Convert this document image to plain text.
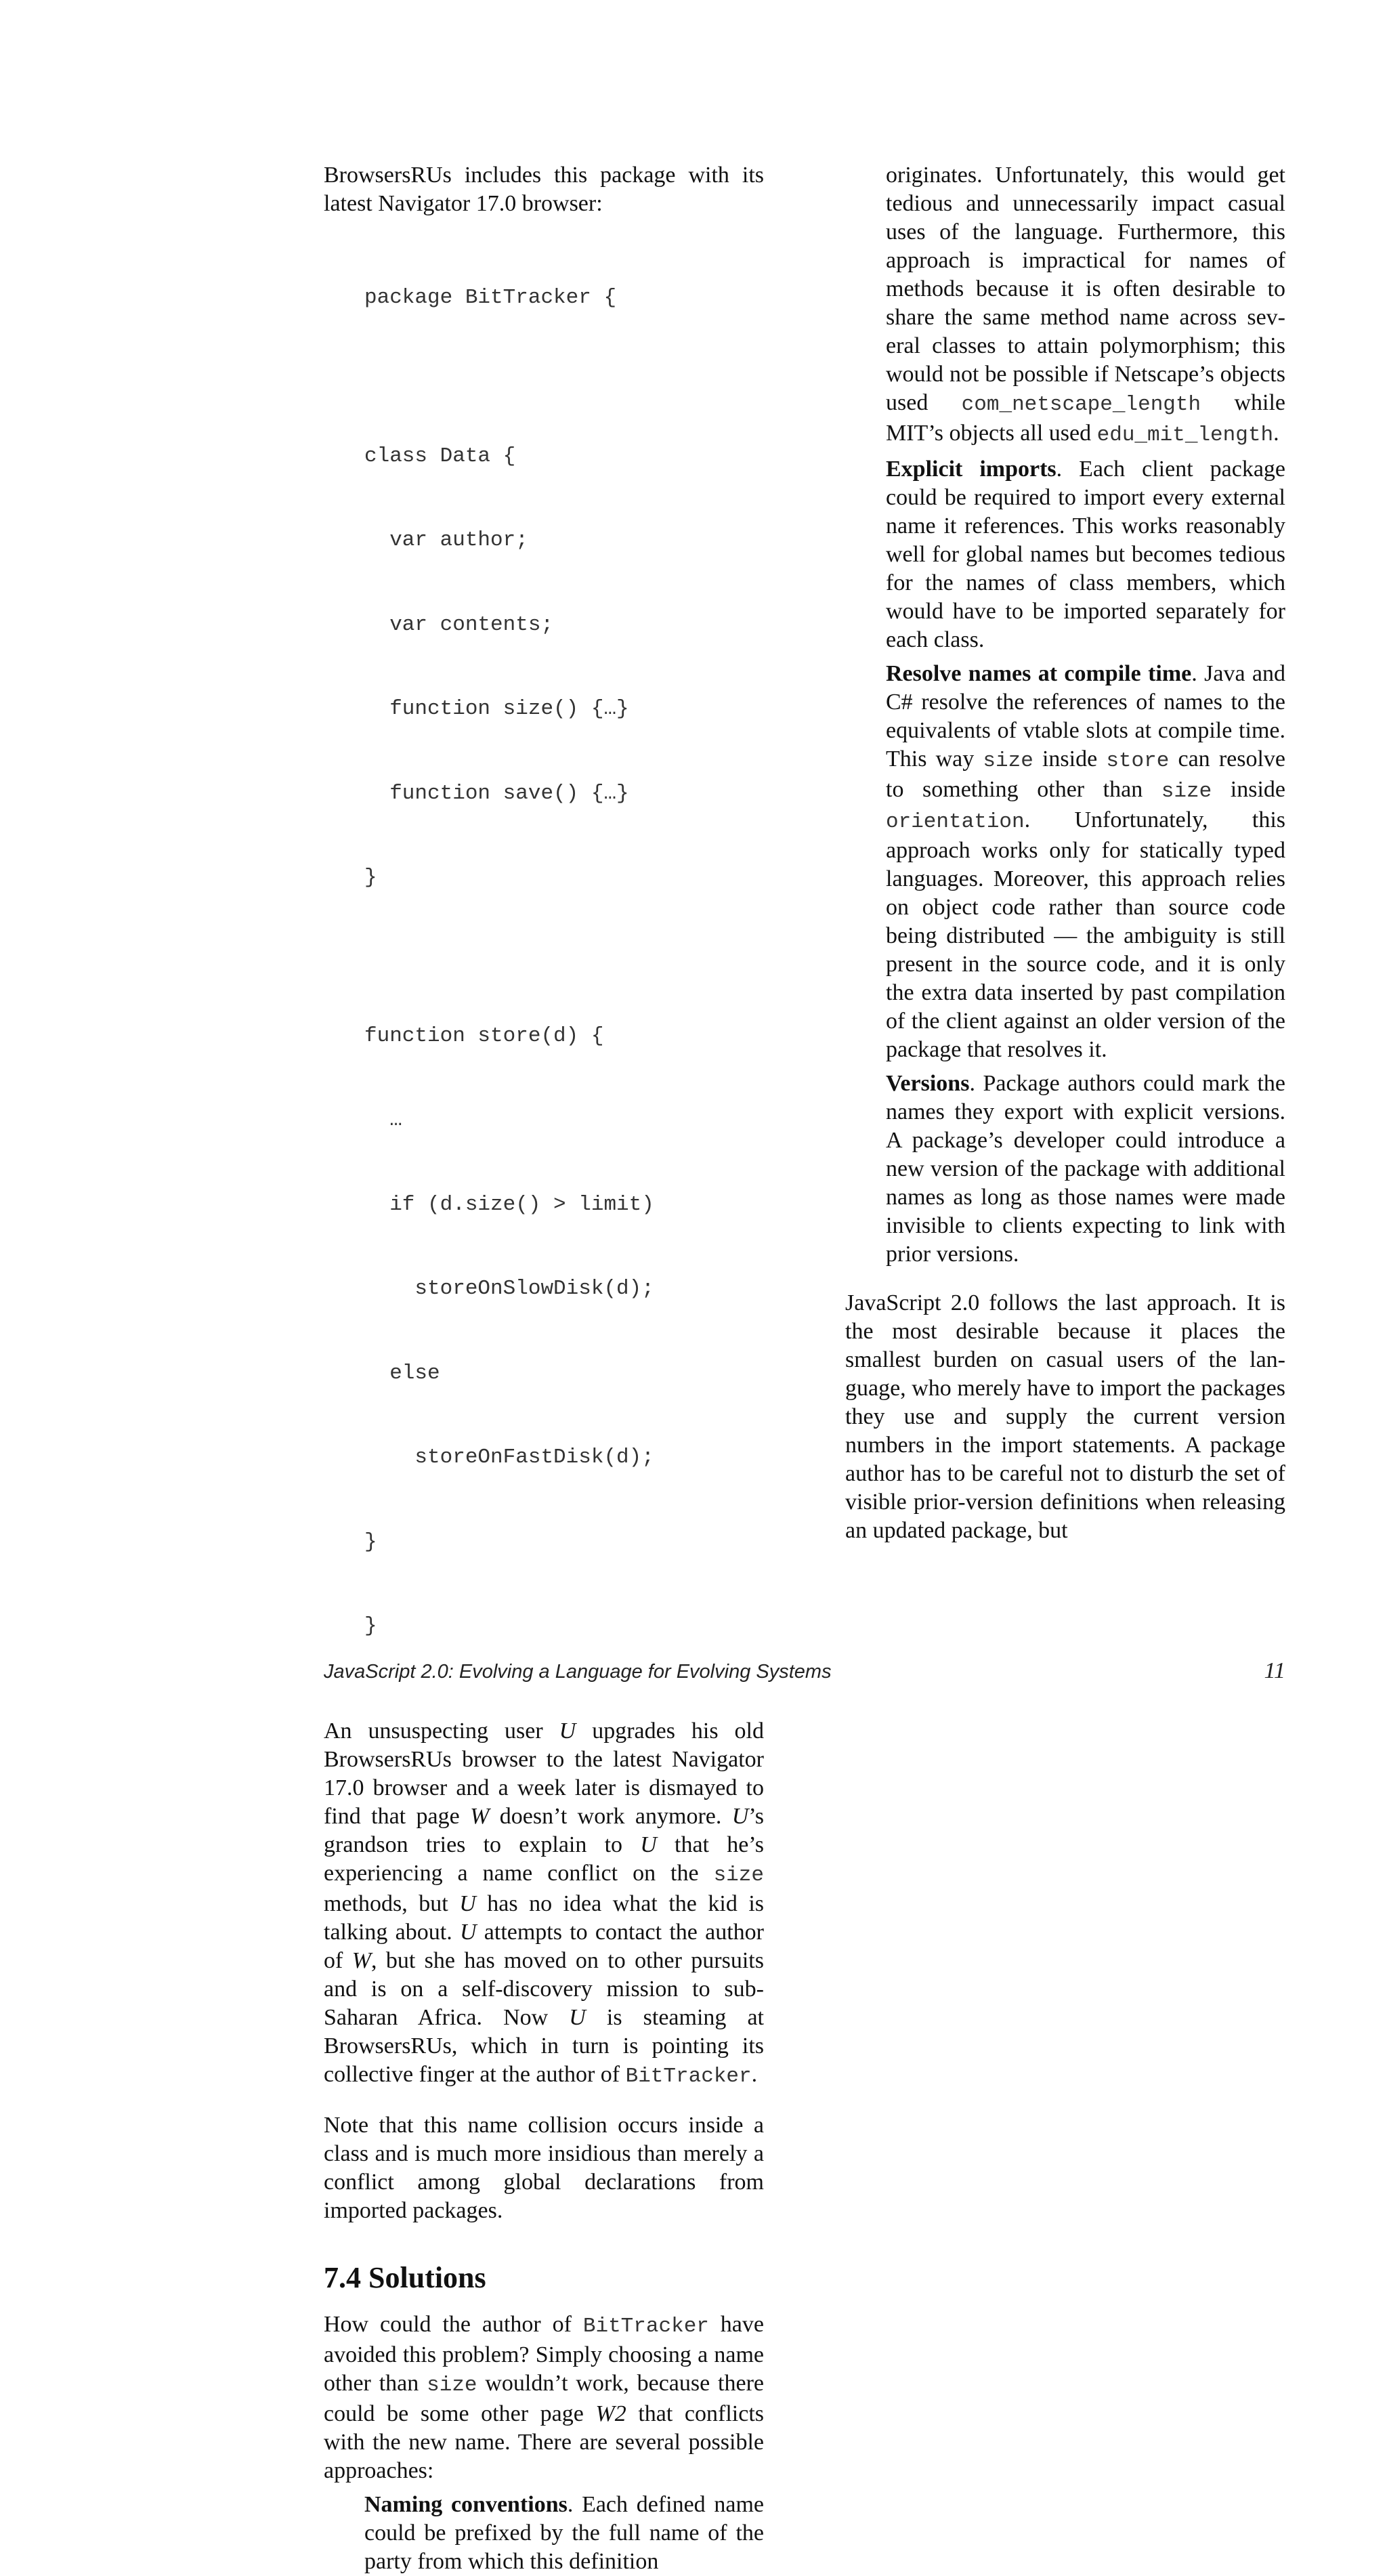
BrowsersRUs includes this package with its latest Navigator 17.0 browser:

package BitTracker {

class Data {

var author;

var contents;

function size() {…}

function save() {…}

}

function store(d) {

…

if (d.size() > limit)

storeOnSlowDisk(d);

else

storeOnFastDisk(d);

}

}

An unsuspecting user U upgrades his old BrowsersRUs browser to the latest Navigator 17.0 browser and a week later is dismayed to find that page W doesn’t work anymore. U’s grandson tries to explain to U that he’s experiencing a name conflict on the size methods, but U has no idea what the kid is talking about. U attempts to contact the author of W, but she has moved on to other pursuits and is on a self-discovery mission to sub-Saharan Africa. Now U is steaming at BrowsersRUs, which in turn is pointing its collective finger at the author of BitTracker.

Note that this name collision occurs inside a class and is much more insidious than merely a conflict among global declarations from imported packages.

7.4 Solutions

How could the author of BitTracker have avoided this problem? Simply choosing a name other than size wouldn’t work, because there could be some other page W2 that conflicts with the new name. There are several possible approaches:

Naming conventions. Each defined name could be prefixed by the full name of the party from which this definition

originates. Unfortunately, this would get tedious and unnecessarily impact casual uses of the language. Furthermore, this approach is impractical for names of methods because it is often desirable to share the same method name across several classes to attain polymorphism; this would not be possible if Netscape’s objects used com_netscape_length while MIT’s objects all used edu_mit_length.

Explicit imports. Each client package could be required to import every external name it references. This works reasonably well for global names but becomes tedious for the names of class members, which would have to be imported separately for each class.

Resolve names at compile time. Java and C# resolve the references of names to the equivalents of vtable slots at compile time. This way size inside store can resolve to something other than size inside orientation. Unfortunately, this approach works only for statically typed languages. Moreover, this approach relies on object code rather than source code being distributed — the ambiguity is still present in the source code, and it is only the extra data inserted by past compilation of the client against an older version of the package that resolves it.

Versions. Package authors could mark the names they export with explicit versions. A package’s developer could introduce a new version of the package with additional names as long as those names were made invisible to clients expecting to link with prior versions.

JavaScript 2.0 follows the last approach. It is the most desirable because it places the smallest burden on casual users of the language, who merely have to import the packages they use and supply the current version numbers in the import statements. A package author has to be careful not to disturb the set of visible prior-version definitions when releasing an updated package, but

JavaScript 2.0: Evolving a Language for Evolving Systems	11
